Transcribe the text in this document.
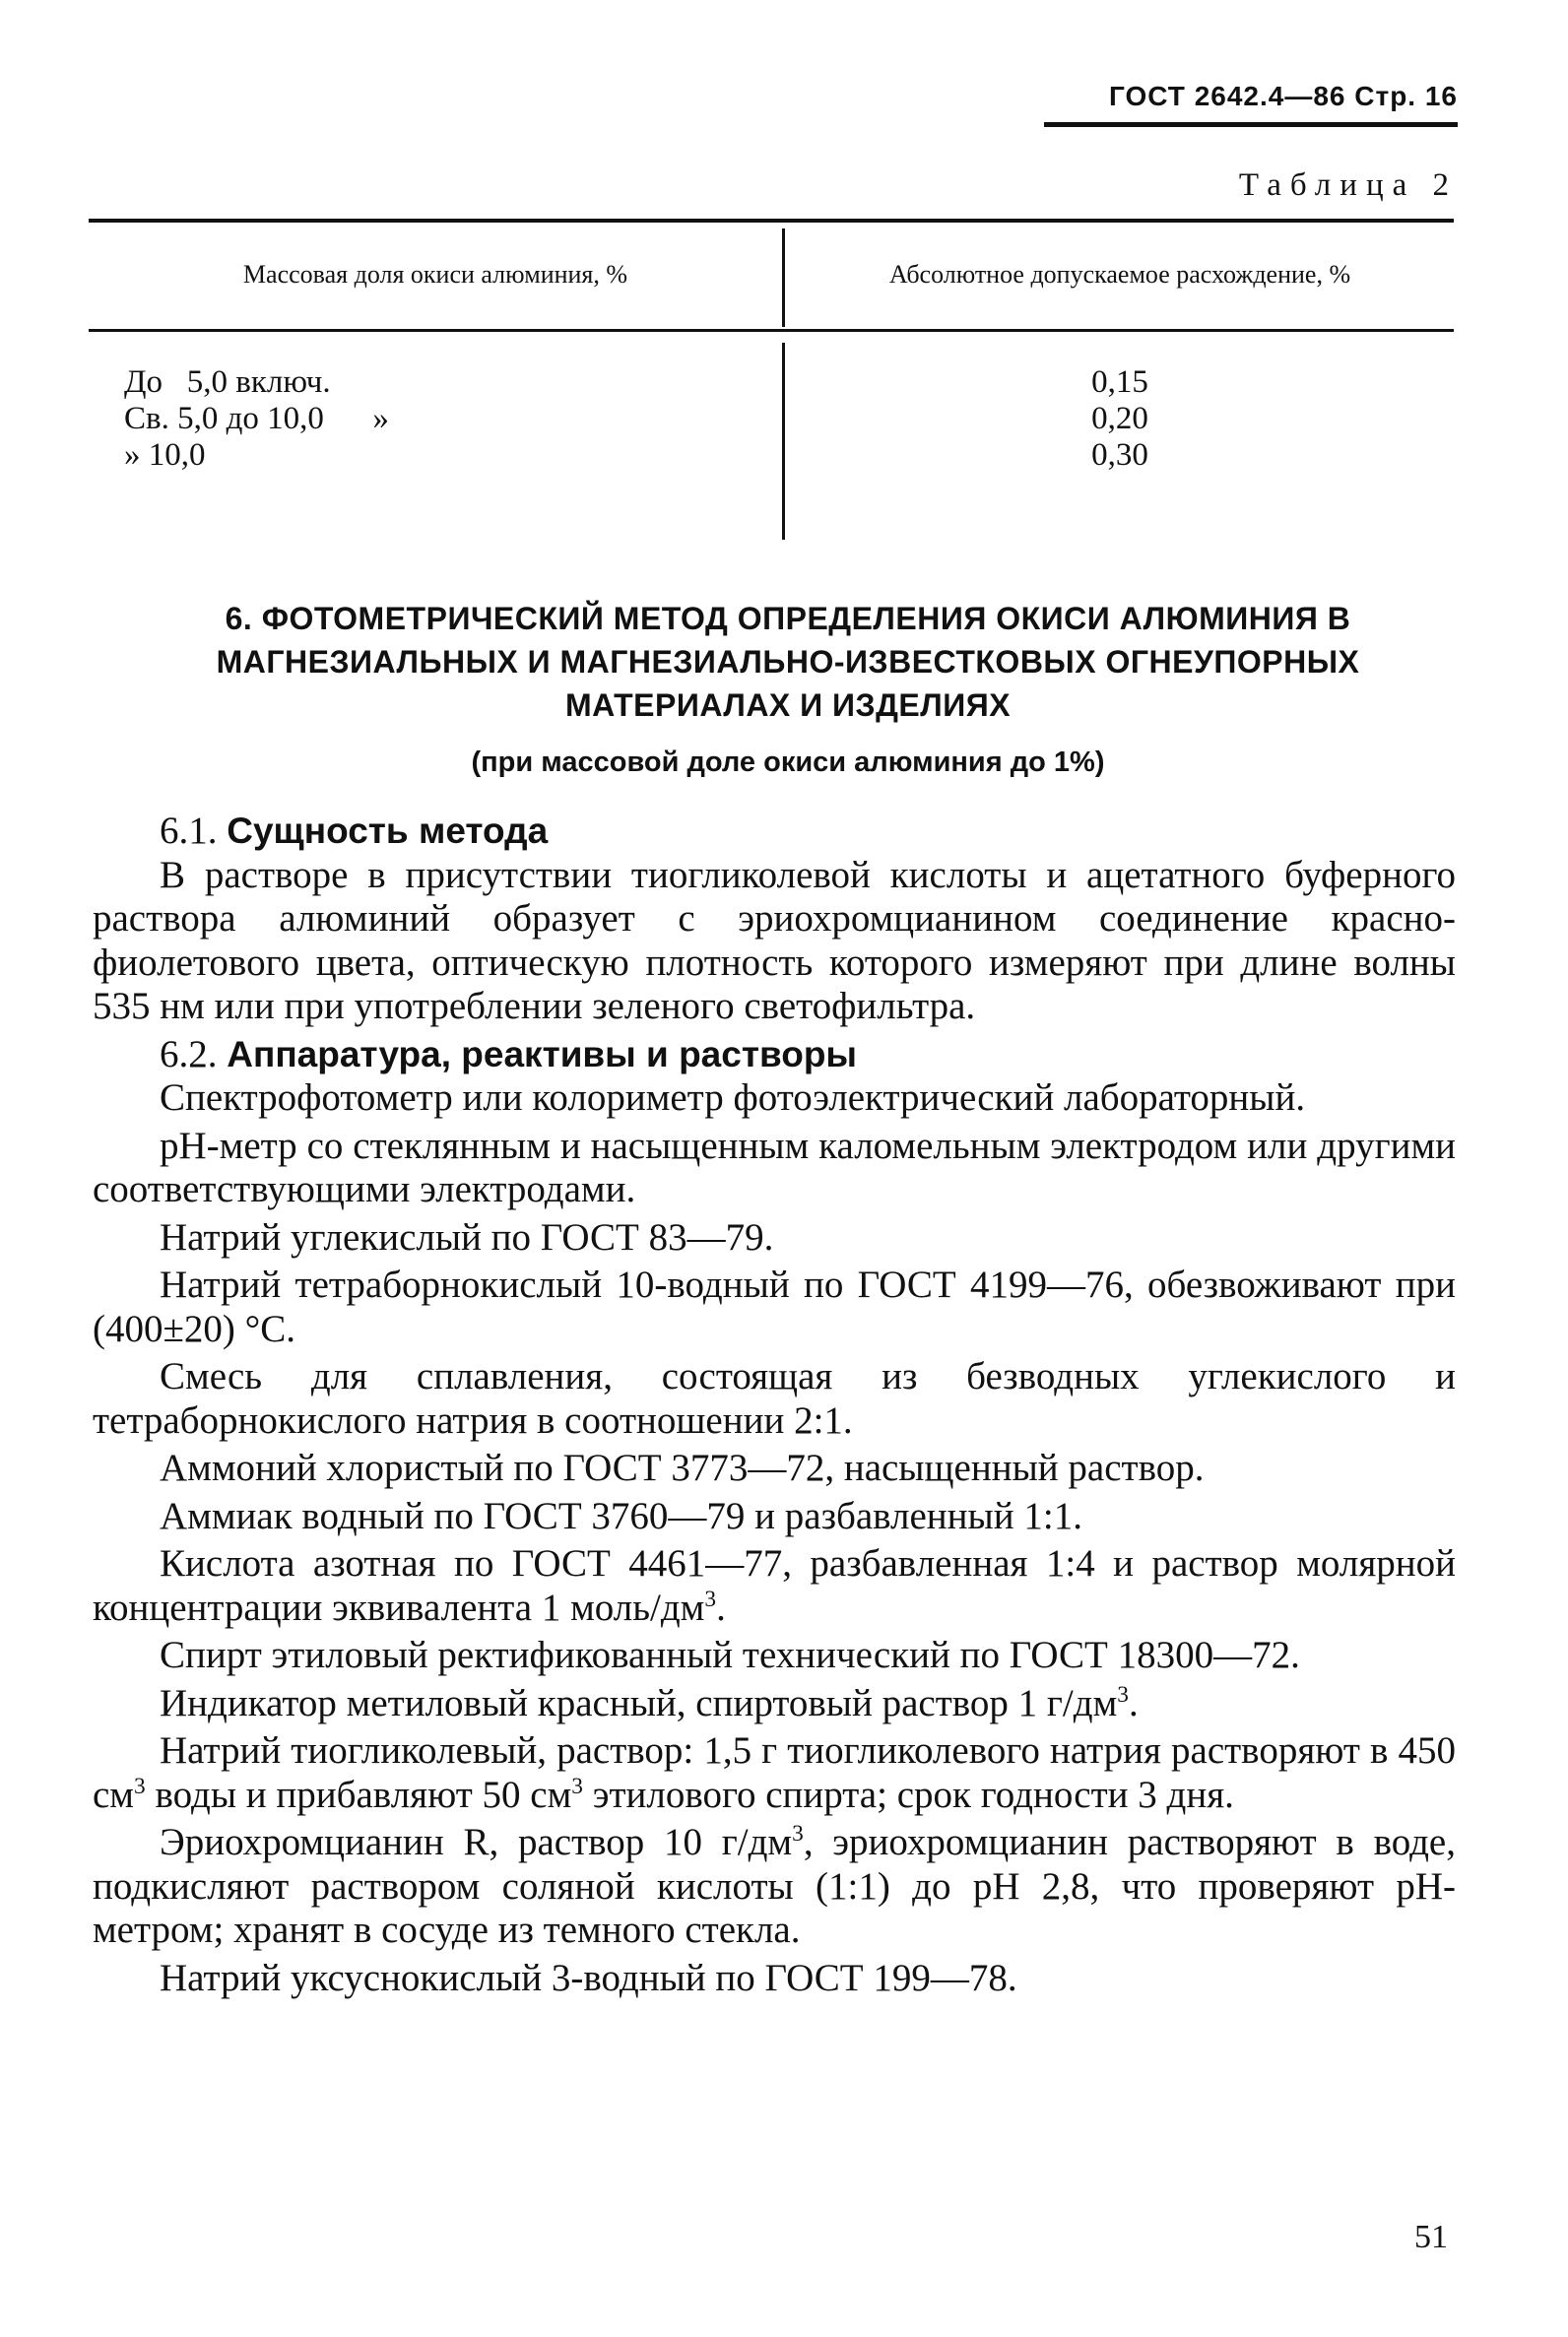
ГОСТ 2642.4—86 Стр. 16
Таблица 2
Массовая доля окиси алюминия, %	Абсолютное допускаемое расхождение, %
До   5,0 включ.
Св. 5,0 до 10,0      »
» 10,0
0,15
0,20
0,30
6. ФОТОМЕТРИЧЕСКИЙ МЕТОД ОПРЕДЕЛЕНИЯ ОКИСИ АЛЮМИНИЯ В
МАГНЕЗИАЛЬНЫХ И МАГНЕЗИАЛЬНО-ИЗВЕСТКОВЫХ ОГНЕУПОРНЫХ
МАТЕРИАЛАХ И ИЗДЕЛИЯХ
(при массовой доле окиси алюминия до 1%)
6.1. Сущность метода

В растворе в присутствии тиогликолевой кислоты и ацетатного буферного раствора алюминий образует с эриохромцианином соединение красно-фиолетового цвета, оптическую плотность которого измеряют при длине волны 535 нм или при употреблении зеленого светофильтра.

6.2. Аппаратура, реактивы и растворы

Спектрофотометр или колориметр фотоэлектрический лабораторный.

pH-метр со стеклянным и насыщенным каломельным электродом или другими соответствующими электродами.

Натрий углекислый по ГОСТ 83—79.

Натрий тетраборнокислый 10-водный по ГОСТ 4199—76, обезвоживают при (400±20) °С.

Смесь для сплавления, состоящая из безводных углекислого и тетраборнокислого натрия в соотношении 2:1.

Аммоний хлористый по ГОСТ 3773—72, насыщенный раствор.

Аммиак водный по ГОСТ 3760—79 и разбавленный 1:1.

Кислота азотная по ГОСТ 4461—77, разбавленная 1:4 и раствор молярной концентрации эквивалента 1 моль/$дм^3$.

Спирт этиловый ректификованный технический по ГОСТ 18300—72.

Индикатор метиловый красный, спиртовый раствор 1 $г/дм^3$.

Натрий тиогликолевый, раствор: 1,5 г тиогликолевого натрия растворяют в 450 $см^3$ воды и прибавляют 50 $см^3$ этилового спирта; срок годности 3 дня.

Эриохромцианин R, раствор 10 $г/дм^3$, эриохромцианин растворяют в воде, подкисляют раствором соляной кислоты (1:1) до pH 2,8, что проверяют pH-метром; хранят в сосуде из темного стекла.

Натрий уксуснокислый 3-водный по ГОСТ 199—78.

51
